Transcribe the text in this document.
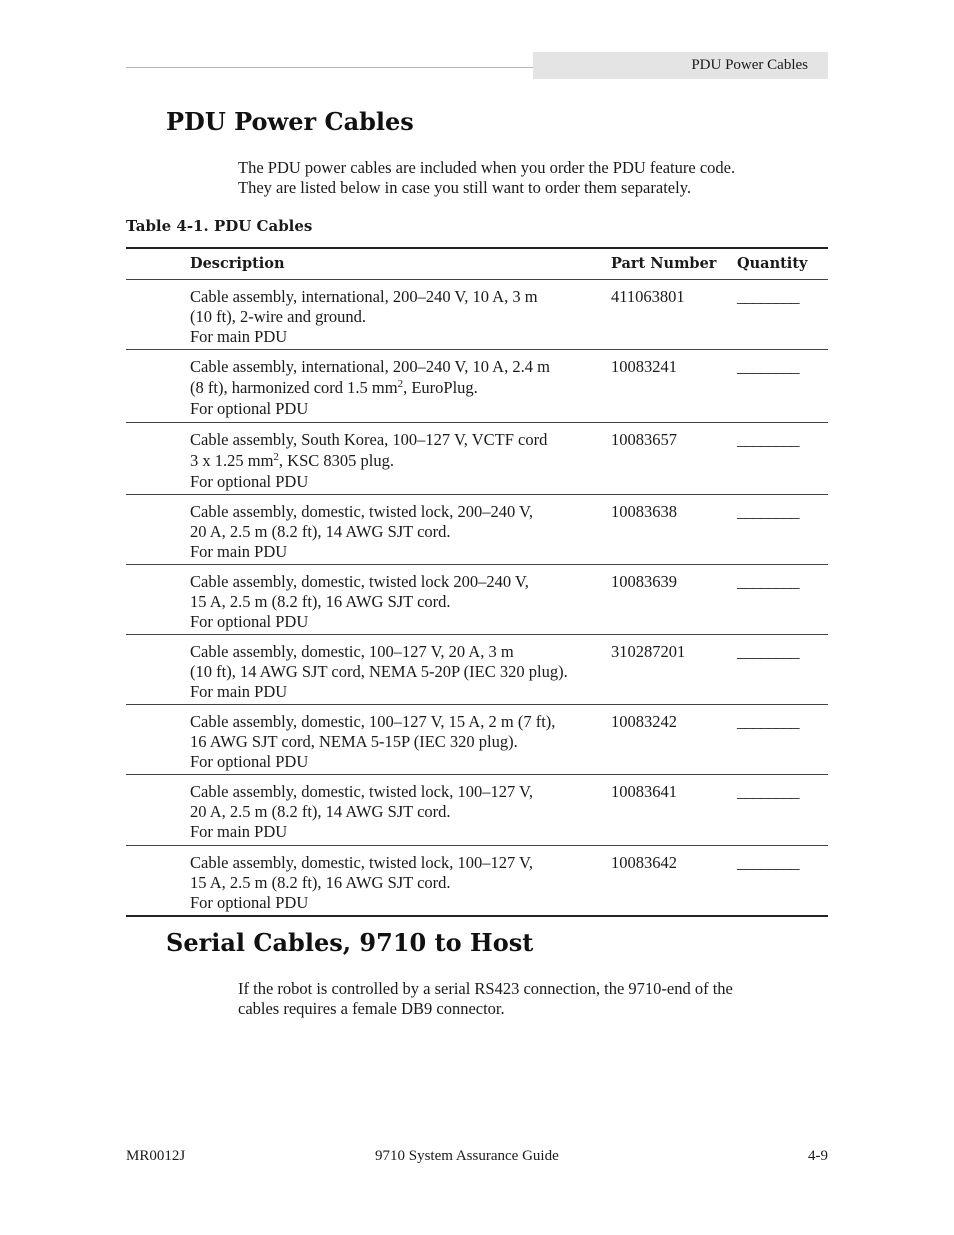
PDU Power Cables
PDU Power Cables
The PDU power cables are included when you order the PDU feature code.
They are listed below in case you still want to order them separately.
Table 4-1. PDU Cables
Description	Part Number Quantity
Cable assembly, international, 200–240 V, 10 A, 3 m
(10 ft), 2-wire and ground.
For main PDU
411063801	________
Cable assembly, international, 200–240 V, 10 A, 2.4 m
(8 ft), harmonized cord 1.5 $mm^2$, EuroPlug.
For optional PDU
10083241	________
Cable assembly, South Korea, 100–127 V, VCTF cord
3 x 1.25 $mm^2$, KSC 8305 plug.
For optional PDU
10083657	________
Cable assembly, domestic, twisted lock, 200–240 V,
20 A, 2.5 m (8.2 ft), 14 AWG SJT cord.
For main PDU
10083638	________
Cable assembly, domestic, twisted lock 200–240 V,
15 A, 2.5 m (8.2 ft), 16 AWG SJT cord.
For optional PDU
10083639	________
Cable assembly, domestic, 100–127 V, 20 A, 3 m
(10 ft), 14 AWG SJT cord, NEMA 5-20P (IEC 320 plug).
For main PDU
310287201	________
Cable assembly, domestic, 100–127 V, 15 A, 2 m (7 ft),
16 AWG SJT cord, NEMA 5-15P (IEC 320 plug).
For optional PDU
10083242	________
Cable assembly, domestic, twisted lock, 100–127 V,
20 A, 2.5 m (8.2 ft), 14 AWG SJT cord.
For main PDU
10083641	________
Cable assembly, domestic, twisted lock, 100–127 V,
15 A, 2.5 m (8.2 ft), 16 AWG SJT cord.
For optional PDU
10083642	________
Serial Cables, 9710 to Host
If the robot is controlled by a serial RS423 connection, the 9710-end of the
cables requires a female DB9 connector.
MR0012J	9710 System Assurance Guide	4-9
